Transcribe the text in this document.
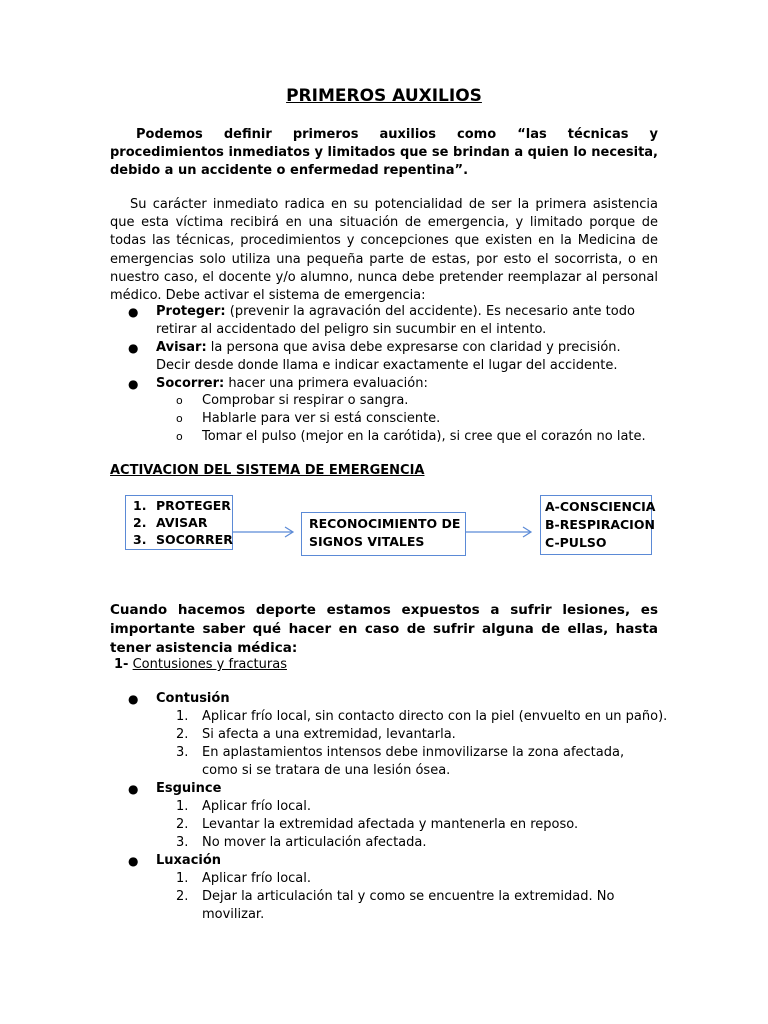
PRIMEROS AUXILIOS
Podemos definir primeros auxilios como “las técnicas y procedimientos inmediatos y limitados que se brindan a quien lo necesita, debido a un accidente o enfermedad repentina”.
Su carácter inmediato radica en su potencialidad de ser la primera asistencia que esta víctima recibirá en una situación de emergencia, y limitado porque de todas las técnicas, procedimientos y concepciones que existen en la Medicina de emergencias solo utiliza una pequeña parte de estas, por esto el socorrista, o en nuestro caso, el docente y/o alumno, nunca debe pretender reemplazar al personal médico. Debe activar el sistema de emergencia:
● Proteger: (prevenir la agravación del accidente). Es necesario ante todo retirar al accidentado del peligro sin sucumbir en el intento.
● Avisar: la persona que avisa debe expresarse con claridad y precisión. Decir desde donde llama e indicar exactamente el lugar del accidente.
● Socorrer: hacer una primera evaluación:
o Comprobar si respirar o sangra.
o Hablarle para ver si está consciente.
o Tomar el pulso (mejor en la carótida), si cree que el corazón no late.
ACTIVACION DEL SISTEMA DE EMERGENCIA
1. PROTEGER
2. AVISAR
3. SOCORRER
RECONOCIMIENTO DE
SIGNOS VITALES
A-CONSCIENCIA
B-RESPIRACION
C-PULSO
Cuando hacemos deporte estamos expuestos a sufrir lesiones, es importante saber qué hacer en caso de sufrir alguna de ellas, hasta tener asistencia médica:
1- Contusiones y fracturas
● Contusión
1. Aplicar frío local, sin contacto directo con la piel (envuelto en un paño).
2. Si afecta a una extremidad, levantarla.
3. En aplastamientos intensos debe inmovilizarse la zona afectada, como si se tratara de una lesión ósea.
● Esguince
1. Aplicar frío local.
2. Levantar la extremidad afectada y mantenerla en reposo.
3. No mover la articulación afectada.
● Luxación
1. Aplicar frío local.
2. Dejar la articulación tal y como se encuentre la extremidad. No movilizar.
